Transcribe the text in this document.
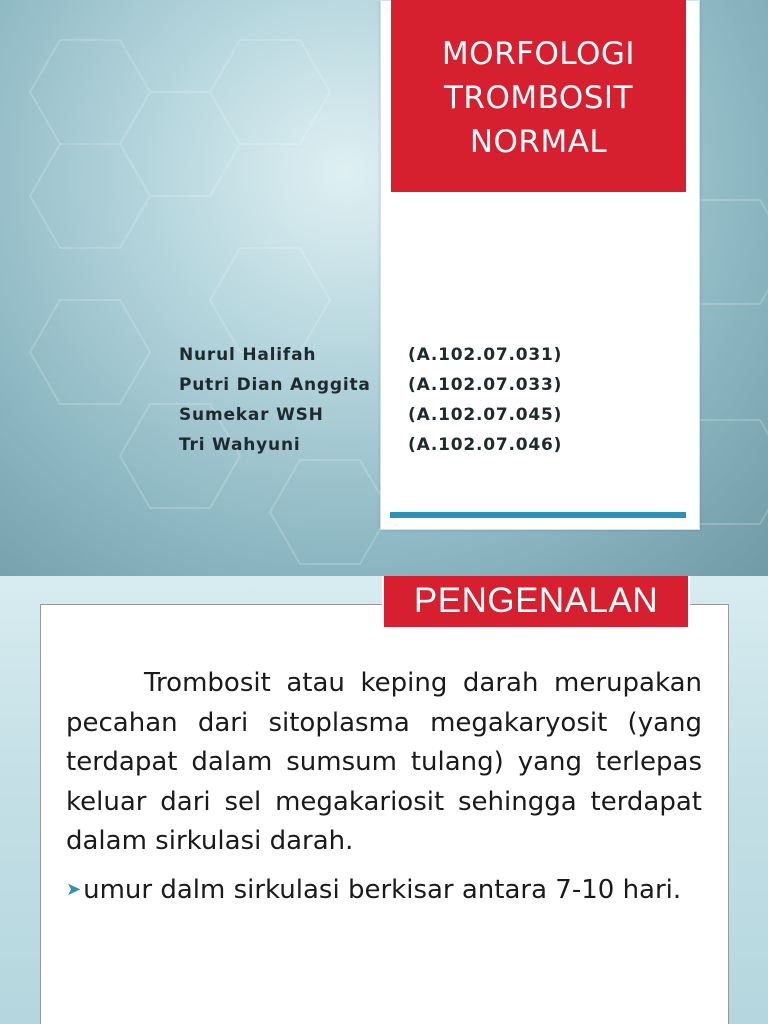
MORFOLOGI
TROMBOSIT
NORMAL
Nurul Halifah	(A.102.07.031)
Putri Dian Anggita (A.102.07.033)
Sumekar WSH	(A.102.07.045)
Tri Wahyuni	(A.102.07.046)
PENGENALAN

Trombosit atau keping darah merupakan pecahan dari sitoplasma megakaryosit (yang terdapat dalam sumsum tulang) yang terlepas keluar dari sel megakariosit sehingga terdapat dalam sirkulasi darah.

➤umur dalm sirkulasi berkisar antara 7-10 hari.
